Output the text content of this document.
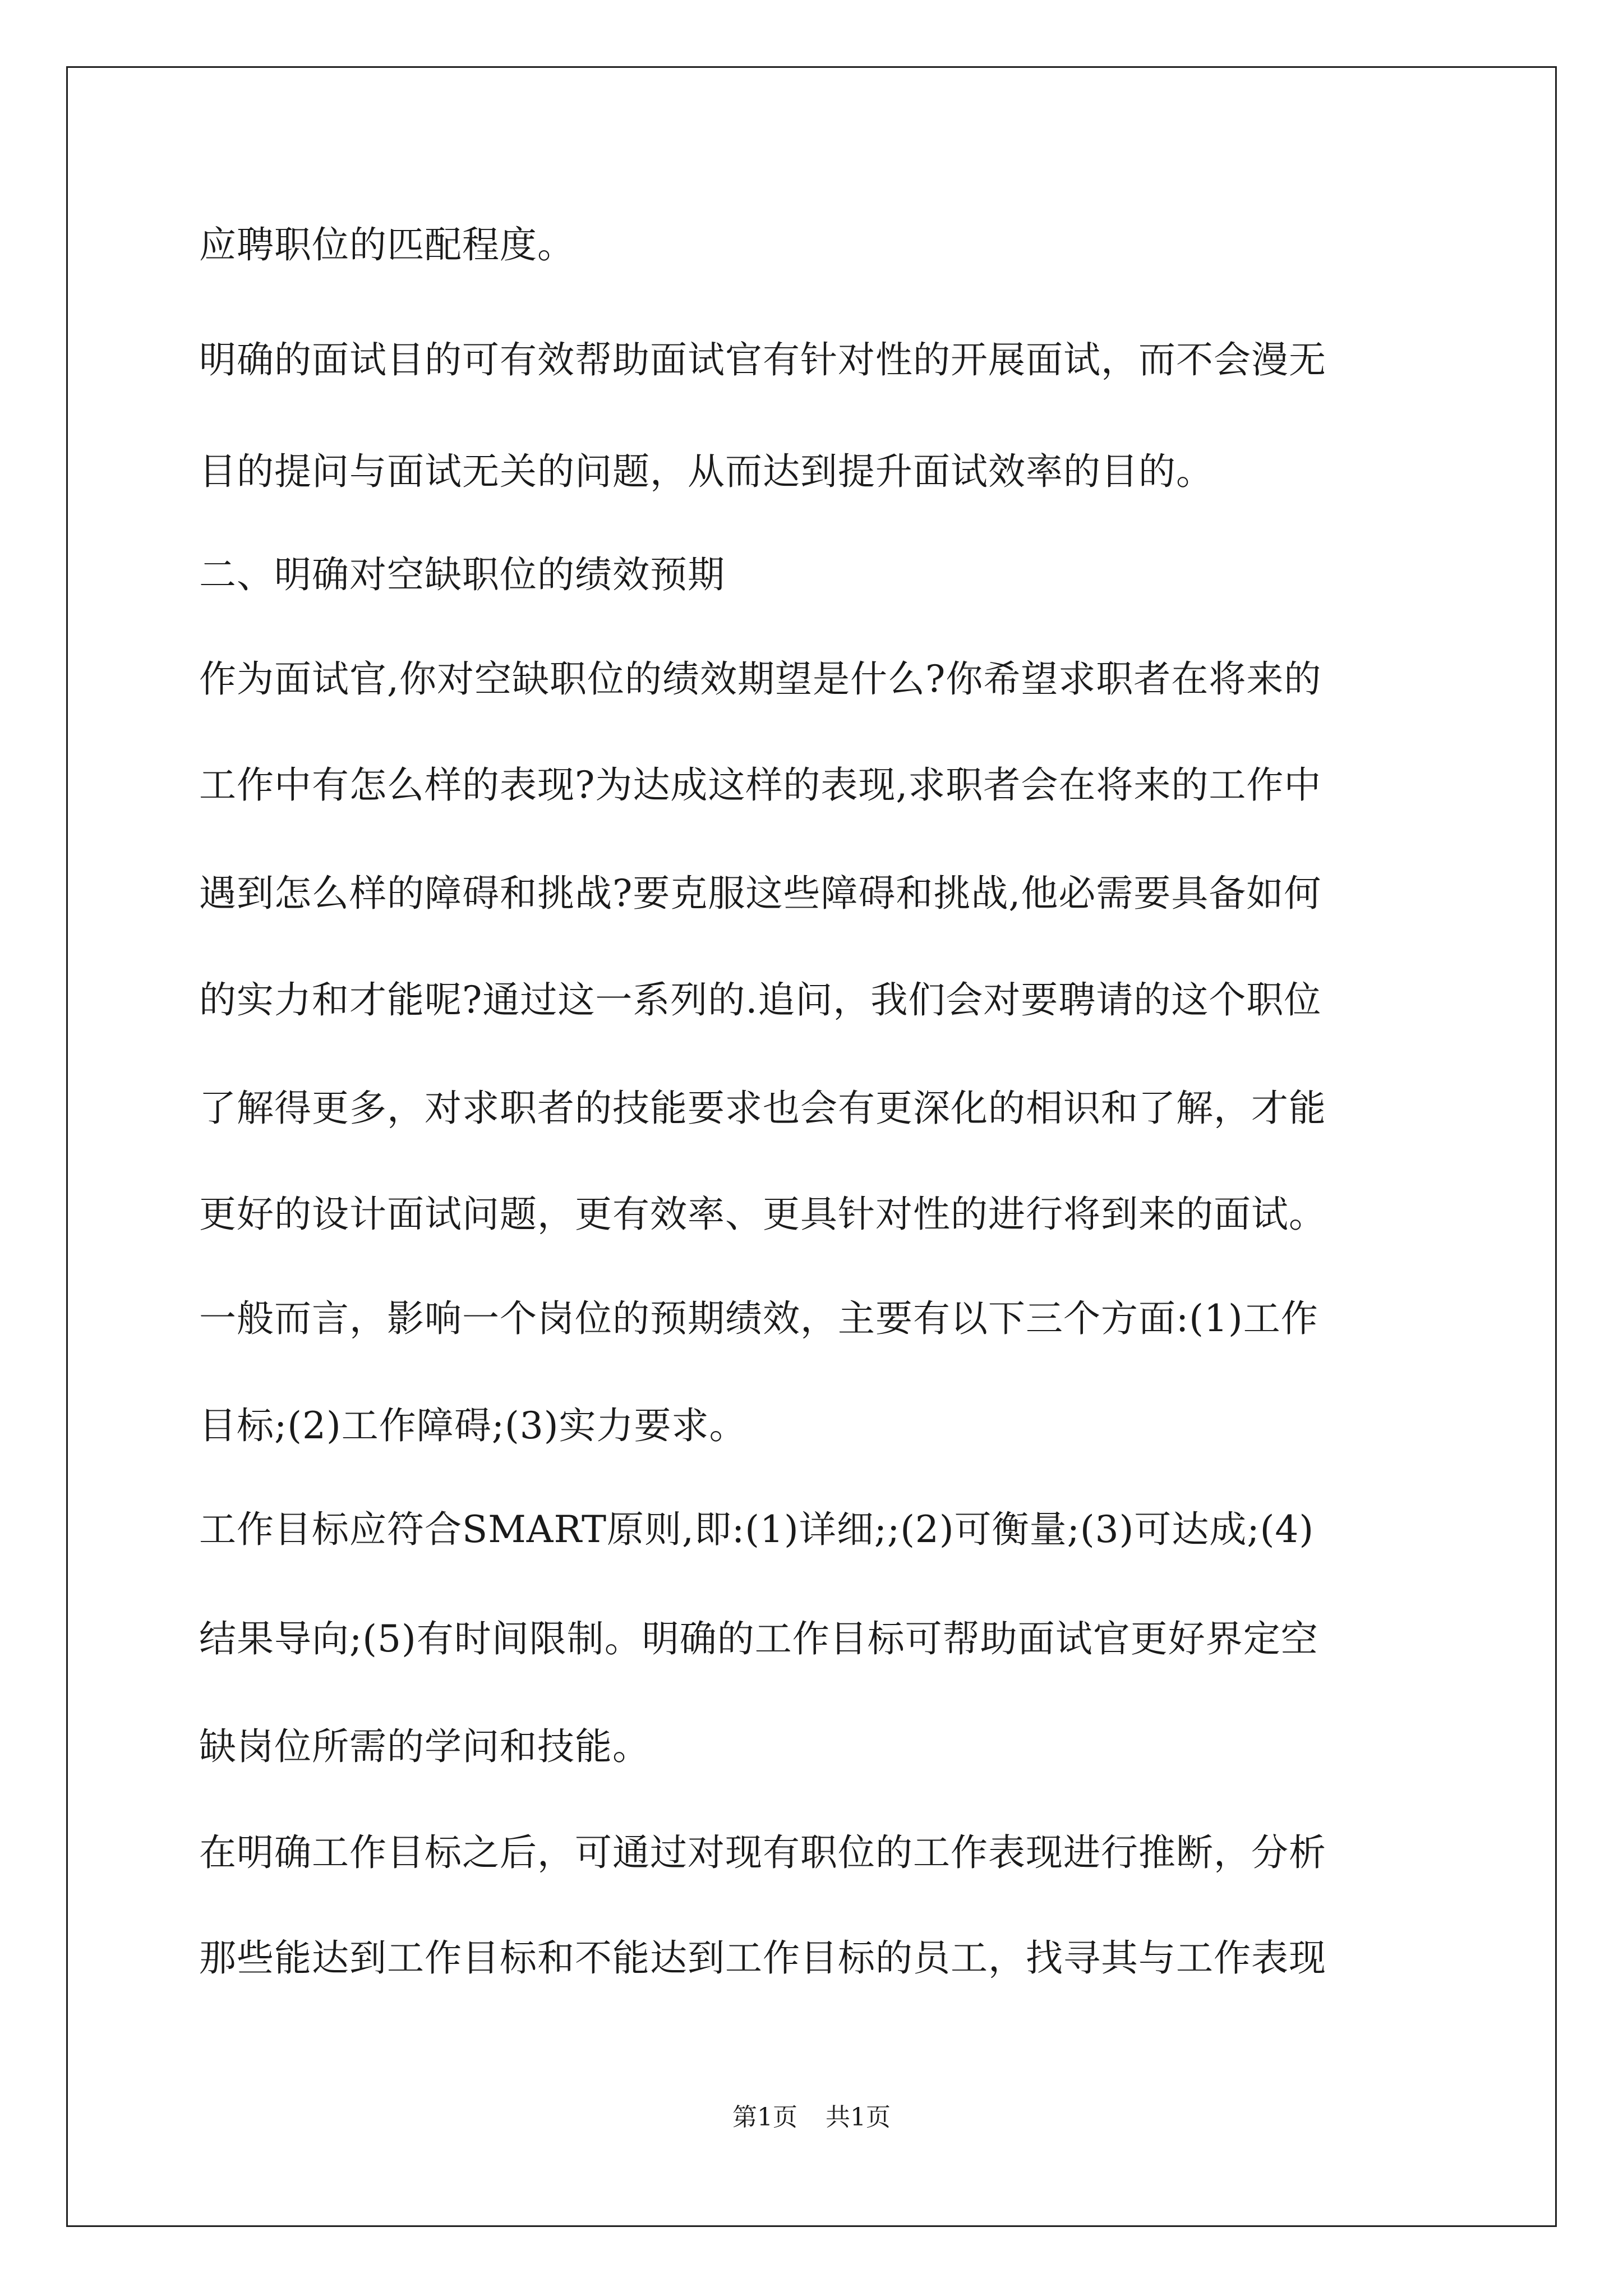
应聘职位的匹配程度。
明确的面试目的可有效帮助面试官有针对性的开展面试，而不会漫无
目的提问与面试无关的问题，从而达到提升面试效率的目的。
二、明确对空缺职位的绩效预期
作为面试官,你对空缺职位的绩效期望是什么?你希望求职者在将来的
工作中有怎么样的表现?为达成这样的表现,求职者会在将来的工作中
遇到怎么样的障碍和挑战?要克服这些障碍和挑战,他必需要具备如何
的实力和才能呢?通过这一系列的.追问，我们会对要聘请的这个职位
了解得更多，对求职者的技能要求也会有更深化的相识和了解，才能
更好的设计面试问题，更有效率、更具针对性的进行将到来的面试。
一般而言，影响一个岗位的预期绩效，主要有以下三个方面:(1)工作
目标;(2)工作障碍;(3)实力要求。
工作目标应符合SMART原则,即:(1)详细;;(2)可衡量;(3)可达成;(4)
结果导向;(5)有时间限制。明确的工作目标可帮助面试官更好界定空
缺岗位所需的学问和技能。
在明确工作目标之后，可通过对现有职位的工作表现进行推断，分析
那些能达到工作目标和不能达到工作目标的员工，找寻其与工作表现
第1页 共1页
